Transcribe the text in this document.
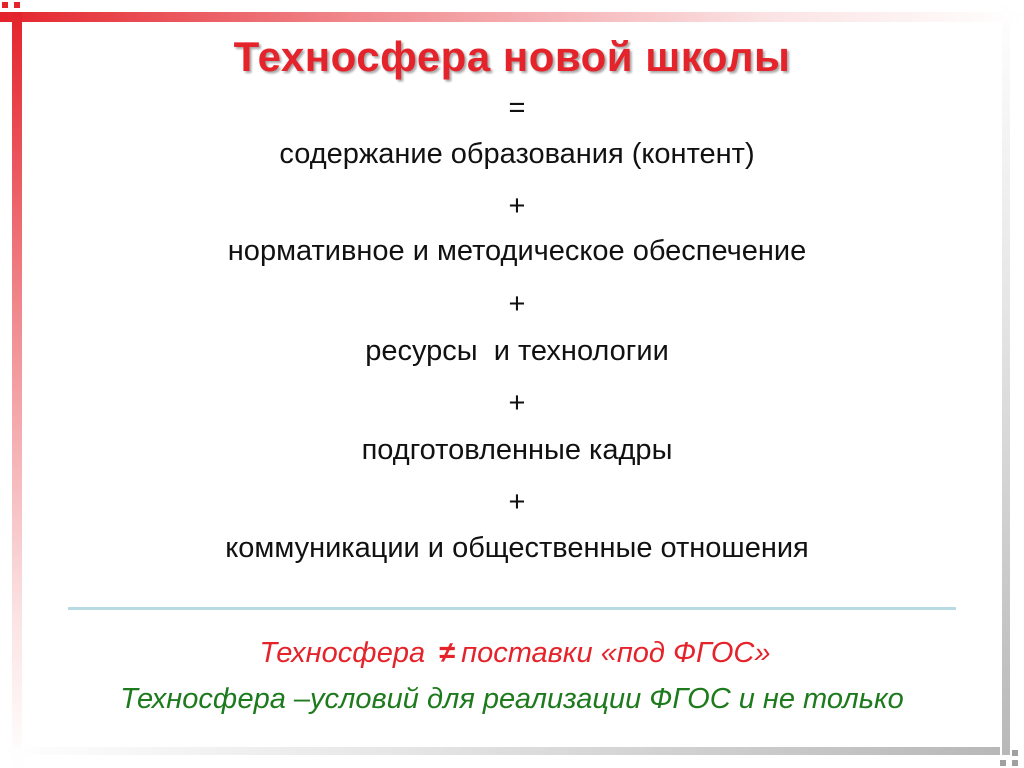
Техносфера новой школы
=
содержание образования (контент)
+
нормативное и методическое обеспечение
+
ресурсы  и технологии
+
подготовленные кадры
+
коммуникации и общественные отношения
Техносфера ≠ поставки «под ФГОС»
Техносфера –условий для реализации ФГОС и не только
